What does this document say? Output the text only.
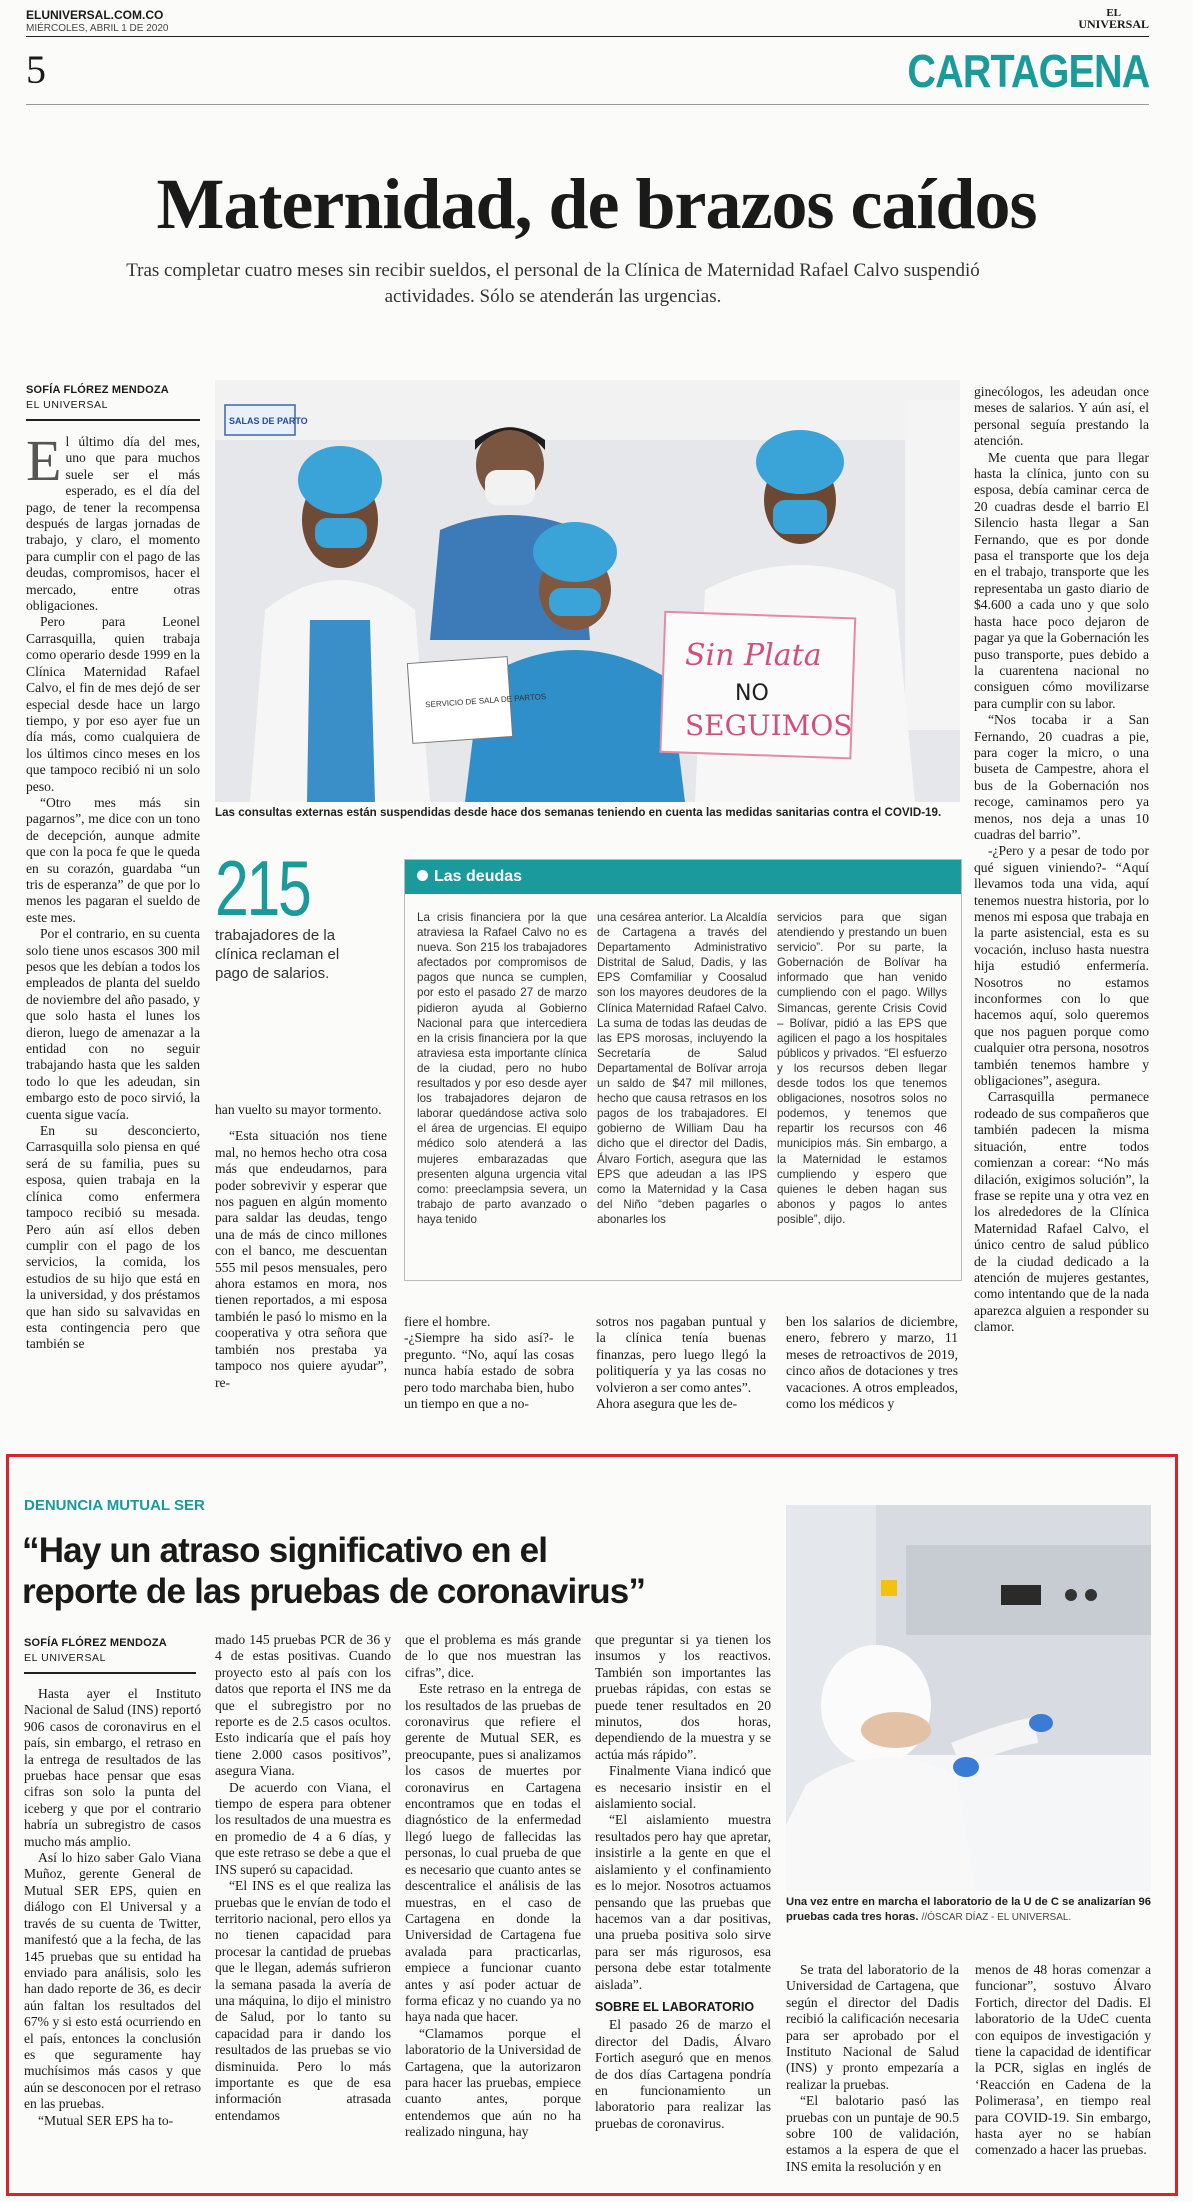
ELUNIVERSAL.COM.CO
MIÉRCOLES, ABRIL 1 DE 2020
EL
UNIVERSAL
5	CARTAGENA
Maternidad, de brazos caídos
Tras completar cuatro meses sin recibir sueldos, el personal de la Clínica de Maternidad Rafael Calvo suspendió actividades. Sólo se atenderán las urgencias.
SOFÍA FLÓREZ MENDOZA
EL UNIVERSAL
E l último día del mes, uno que para muchos suele ser el más esperado, es el día del pago, de tener la recompensa después de largas jornadas de trabajo, y claro, el momento para cumplir con el pago de las deudas, compromisos, hacer el mercado, entre otras obligaciones.

Pero para Leonel Carrasquilla, quien trabaja como operario desde 1999 en la Clínica Maternidad Rafael Calvo, el fin de mes dejó de ser especial desde hace un largo tiempo, y por eso ayer fue un día más, como cualquiera de los últimos cinco meses en los que tampoco recibió ni un solo peso.

“Otro mes más sin pagarnos”, me dice con un tono de decepción, aunque admite que con la poca fe que le queda en su corazón, guardaba “un tris de esperanza” de que por lo menos les pagaran el sueldo de este mes.

Por el contrario, en su cuenta solo tiene unos escasos 300 mil pesos que les debían a todos los empleados de planta del sueldo de noviembre del año pasado, y que solo hasta el lunes los dieron, luego de amenazar a la entidad con no seguir trabajando hasta que les salden todo lo que les adeudan, sin embargo esto de poco sirvió, la cuenta sigue vacía.

En su desconcierto, Carrasquilla solo piensa en qué será de su familia, pues su esposa, quien trabaja en la clínica como enfermera tampoco recibió su mesada. Pero aún así ellos deben cumplir con el pago de los servicios, la comida, los estudios de su hijo que está en la universidad, y dos préstamos que han sido su salvavidas en esta contingencia pero que también se

SALAS DE PARTO
SERVICIO DE SALA DE PARTOS
Sin Plata
NO
SEGUIMOS
Las consultas externas están suspendidas desde hace dos semanas teniendo en cuenta las medidas sanitarias contra el COVID-19.
215
trabajadores de la clínica reclaman el pago de salarios.

han vuelto su mayor tormento.

“Esta situación nos tiene mal, no hemos hecho otra cosa más que endeudarnos, para poder sobrevivir y esperar que nos paguen en algún momento para saldar las deudas, tengo una de más de cinco millones con el banco, me descuentan 555 mil pesos mensuales, pero ahora estamos en mora, nos tienen reportados, a mi esposa también le pasó lo mismo en la cooperativa y otra señora que también nos prestaba ya tampoco nos quiere ayudar”, re-

Las deudas
La crisis financiera por la que atraviesa la Rafael Calvo no es nueva. Son 215 los trabajadores afectados por compromisos de pagos que nunca se cumplen, por esto el pasado 27 de marzo pidieron ayuda al Gobierno Nacional para que intercediera en la crisis financiera por la que atraviesa esta importante clínica de la ciudad, pero no hubo resultados y por eso desde ayer los trabajadores dejaron de laborar quedándose activa solo el área de urgencias. El equipo médico solo atenderá a las mujeres embarazadas que presenten alguna urgencia vital como: preeclampsia severa, un trabajo de parto avanzado o haya tenido
una cesárea anterior. La Alcaldía de Cartagena a través del Departamento Administrativo Distrital de Salud, Dadis, y las EPS Comfamiliar y Coosalud son los mayores deudores de la Clínica Maternidad Rafael Calvo. La suma de todas las deudas de las EPS morosas, incluyendo la Secretaría de Salud Departamental de Bolívar arroja un saldo de $47 mil millones, hecho que causa retrasos en los pagos de los trabajadores. El gobierno de William Dau ha dicho que el director del Dadis, Álvaro Fortich, asegura que las EPS que adeudan a las IPS como la Maternidad y la Casa del Niño “deben pagarles o abonarles los
servicios para que sigan atendiendo y prestando un buen servicio”. Por su parte, la Gobernación de Bolívar ha informado que han venido cumpliendo con el pago. Willys Simancas, gerente Crisis Covid – Bolívar, pidió a las EPS que agilicen el pago a los hospitales públicos y privados. “El esfuerzo y los recursos deben llegar desde todos los que tenemos obligaciones, nosotros solos no podemos, y tenemos que repartir los recursos con 46 municipios más. Sin embargo, a la Maternidad le estamos cumpliendo y espero que quienes le deben hagan sus abonos y pagos lo antes posible”, dijo.
fiere el hombre.
-¿Siempre ha sido así?- le pregunto. “No, aquí las cosas nunca había estado de sobra pero todo marchaba bien, hubo un tiempo en que a no-
sotros nos pagaban puntual y la clínica tenía buenas finanzas, pero luego llegó la politiquería y ya las cosas no volvieron a ser como antes”.
Ahora asegura que les de-
ben los salarios de diciembre, enero, febrero y marzo, 11 meses de retroactivos de 2019, cinco años de dotaciones y tres vacaciones. A otros empleados, como los médicos y

ginecólogos, les adeudan once meses de salarios. Y aún así, el personal seguía prestando la atención.

Me cuenta que para llegar hasta la clínica, junto con su esposa, debía caminar cerca de 20 cuadras desde el barrio El Silencio hasta llegar a San Fernando, que es por donde pasa el transporte que los deja en el trabajo, transporte que les representaba un gasto diario de $4.600 a cada uno y que solo hasta hace poco dejaron de pagar ya que la Gobernación les puso transporte, pues debido a la cuarentena nacional no consiguen cómo movilizarse para cumplir con su labor.

“Nos tocaba ir a San Fernando, 20 cuadras a pie, para coger la micro, o una buseta de Campestre, ahora el bus de la Gobernación nos recoge, caminamos pero ya menos, nos deja a unas 10 cuadras del barrio”.

-¿Pero y a pesar de todo por qué siguen viniendo?- “Aquí llevamos toda una vida, aquí tenemos nuestra historia, por lo menos mi esposa que trabaja en la parte asistencial, esta es su vocación, incluso hasta nuestra hija estudió enfermería. Nosotros no estamos inconformes con lo que hacemos aquí, solo queremos que nos paguen porque como cualquier otra persona, nosotros también tenemos hambre y obligaciones”, asegura.

Carrasquilla permanece rodeado de sus compañeros que también padecen la misma situación, entre todos comienzan a corear: “No más dilación, exigimos solución”, la frase se repite una y otra vez en los alrededores de la Clínica Maternidad Rafael Calvo, el único centro de salud público de la ciudad dedicado a la atención de mujeres gestantes, como intentando que de la nada aparezca alguien a responder su clamor.

DENUNCIA MUTUAL SER
“Hay un atraso significativo en el
reporte de las pruebas de coronavirus”
SOFÍA FLÓREZ MENDOZA
EL UNIVERSAL

Hasta ayer el Instituto Nacional de Salud (INS) reportó 906 casos de coronavirus en el país, sin embargo, el retraso en la entrega de resultados de las pruebas hace pensar que esas cifras son solo la punta del iceberg y que por el contrario habría un subregistro de casos mucho más amplio.

Así lo hizo saber Galo Viana Muñoz, gerente General de Mutual SER EPS, quien en diálogo con El Universal y a través de su cuenta de Twitter, manifestó que a la fecha, de las 145 pruebas que su entidad ha enviado para análisis, solo les han dado reporte de 36, es decir aún faltan los resultados del 67% y si esto está ocurriendo en el país, entonces la conclusión es que seguramente hay muchísimos más casos y que aún se desconocen por el retraso en las pruebas.

“Mutual SER EPS ha to-

mado 145 pruebas PCR de 36 y 4 de estas positivas. Cuando proyecto esto al país con los datos que reporta el INS me da que el subregistro por no reporte es de 2.5 casos ocultos. Esto indicaría que el país hoy tiene 2.000 casos positivos”, asegura Viana.

De acuerdo con Viana, el tiempo de espera para obtener los resultados de una muestra es en promedio de 4 a 6 días, y que este retraso se debe a que el INS superó su capacidad.

“El INS es el que realiza las pruebas que le envían de todo el territorio nacional, pero ellos ya no tienen capacidad para procesar la cantidad de pruebas que le llegan, además sufrieron la semana pasada la avería de una máquina, lo dijo el ministro de Salud, por lo tanto su capacidad para ir dando los resultados de las pruebas se vio disminuida. Pero lo más importante es que de esa información atrasada entendamos

que el problema es más grande de lo que nos muestran las cifras”, dice.

Este retraso en la entrega de los resultados de las pruebas de coronavirus que refiere el gerente de Mutual SER, es preocupante, pues si analizamos los casos de muertes por coronavirus en Cartagena encontramos que en todas el diagnóstico de la enfermedad llegó luego de fallecidas las personas, lo cual prueba de que es necesario que cuanto antes se descentralice el análisis de las muestras, en el caso de Cartagena en donde la Universidad de Cartagena fue avalada para practicarlas, empiece a funcionar cuanto antes y así poder actuar de forma eficaz y no cuando ya no haya nada que hacer.

“Clamamos porque el laboratorio de la Universidad de Cartagena, que la autorizaron para hacer las pruebas, empiece cuanto antes, porque entendemos que aún no ha realizado ninguna, hay

que preguntar si ya tienen los insumos y los reactivos. También son importantes las pruebas rápidas, con estas se puede tener resultados en 20 minutos, dos horas, dependiendo de la muestra y se actúa más rápido”.

Finalmente Viana indicó que es necesario insistir en el aislamiento social.

“El aislamiento muestra resultados pero hay que apretar, insistirle a la gente en que el aislamiento y el confinamiento es lo mejor. Nosotros actuamos pensando que las pruebas que hacemos van a dar positivas, una prueba positiva solo sirve para ser más rigurosos, esa persona debe estar totalmente aislada”.

SOBRE EL LABORATORIO

El pasado 26 de marzo el director del Dadis, Álvaro Fortich aseguró que en menos de dos días Cartagena pondría en funcionamiento un laboratorio para realizar las pruebas de coronavirus.

Una vez entre en marcha el laboratorio de la U de C se analizarían 96 pruebas cada tres horas. //ÓSCAR DÍAZ - EL UNIVERSAL.

Se trata del laboratorio de la Universidad de Cartagena, que según el director del Dadis recibió la calificación necesaria para ser aprobado por el Instituto Nacional de Salud (INS) y pronto empezaría a realizar la pruebas.

“El balotario pasó las pruebas con un puntaje de 90.5 sobre 100 de validación, estamos a la espera de que el INS emita la resolución y en

menos de 48 horas comenzar a funcionar”, sostuvo Álvaro Fortich, director del Dadis. El laboratorio de la UdeC cuenta con equipos de investigación y tiene la capacidad de identificar la PCR, siglas en inglés de ‘Reacción en Cadena de la Polimerasa’, en tiempo real para COVID-19. Sin embargo, hasta ayer no se habían comenzado a hacer las pruebas.
